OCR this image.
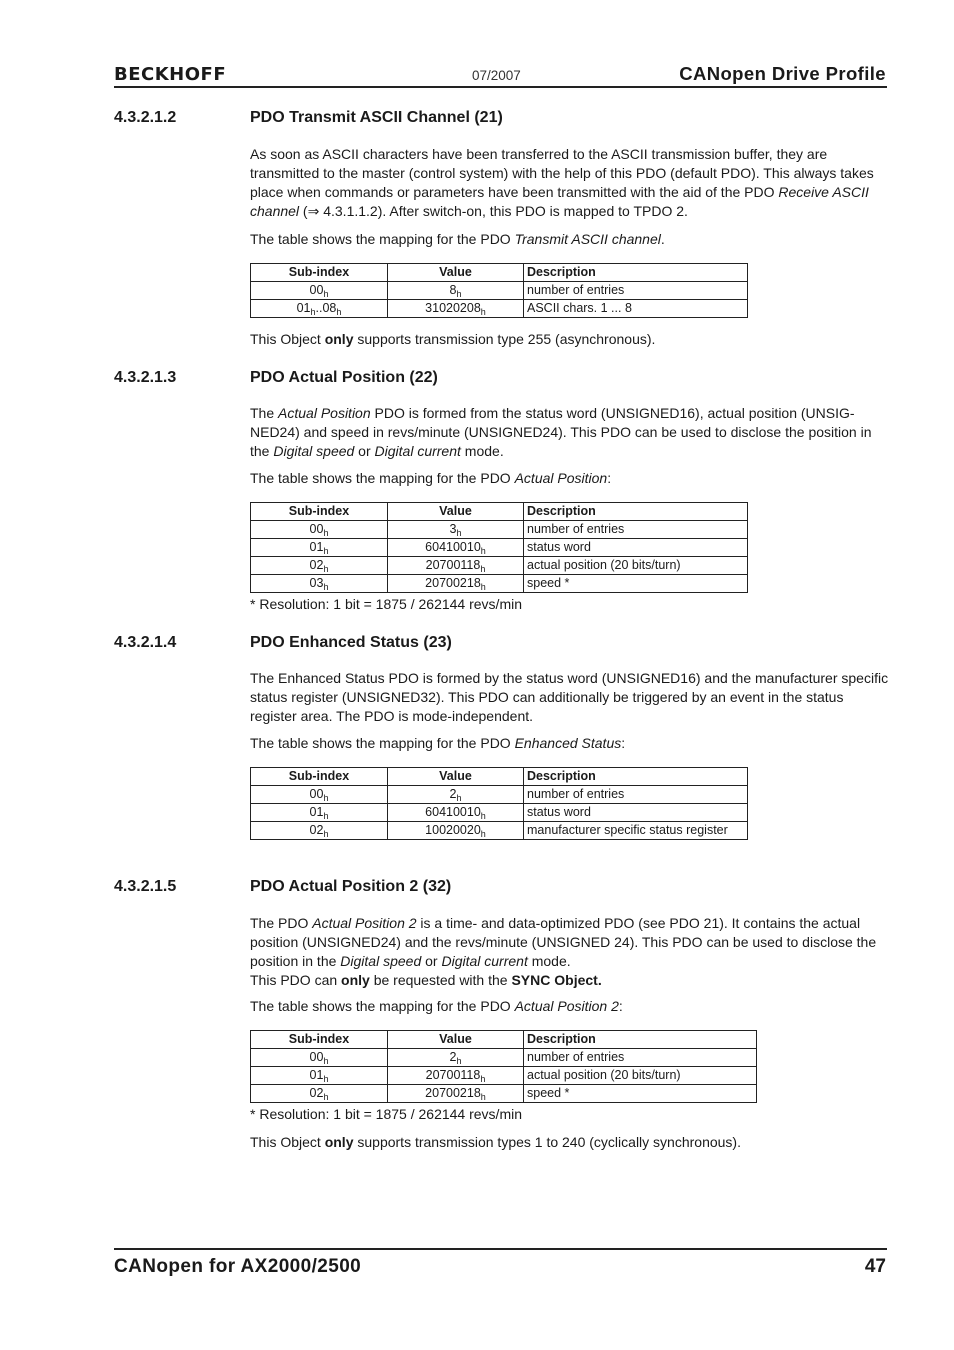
BECKHOFF	07/2007	CANopen Drive Profile
4.3.2.1.2	PDO Transmit ASCII Channel (21)
As soon as ASCII characters have been transferred to the ASCII transmission buffer, they are transmitted to the master (control system) with the help of this PDO (default PDO). This always takes place when commands or parameters have been transmitted with the aid of the PDO Receive ASCII channel (⇒ 4.3.1.1.2). After switch-on, this PDO is mapped to TPDO 2.
The table shows the mapping for the PDO Transmit ASCII channel.
Sub-index	Value	Description
$00_h$	$8_h$	number of entries
$01_h..08_h$	$31020208_h$	ASCII chars. 1 ... 8
This Object only supports transmission type 255 (asynchronous).
4.3.2.1.3	PDO Actual Position (22)
The Actual Position PDO is formed from the status word (UNSIGNED16), actual position (UNSIG-NED24) and speed in revs/minute (UNSIGNED24). This PDO can be used to disclose the position in the Digital speed or Digital current mode.
The table shows the mapping for the PDO Actual Position:
Sub-index	Value	Description
$00_h$	$3_h$	number of entries
$01_h$	$60410010_h$	status word
$02_h$	$20700118_h$	actual position (20 bits/turn)
$03_h$	$20700218_h$	speed *
* Resolution: 1 bit = 1875 / 262144 revs/min
4.3.2.1.4	PDO Enhanced Status (23)
The Enhanced Status PDO is formed by the status word (UNSIGNED16) and the manufacturer specific status register (UNSIGNED32). This PDO can additionally be triggered by an event in the status register area. The PDO is mode-independent.
The table shows the mapping for the PDO Enhanced Status:
Sub-index	Value	Description
$00_h$	$2_h$	number of entries
$01_h$	$60410010_h$	status word
$02_h$	$10020020_h$	manufacturer specific status register
4.3.2.1.5	PDO Actual Position 2 (32)
The PDO Actual Position 2 is a time- and data-optimized PDO (see PDO 21). It contains the actual position (UNSIGNED24) and the revs/minute (UNSIGNED 24). This PDO can be used to disclose the position in the Digital speed or Digital current mode.
This PDO can only be requested with the SYNC Object.
The table shows the mapping for the PDO Actual Position 2:
Sub-index	Value	Description
$00_h$	$2_h$	number of entries
$01_h$	$20700118_h$	actual position (20 bits/turn)
$02_h$	$20700218_h$	speed *
* Resolution: 1 bit = 1875 / 262144 revs/min
This Object only supports transmission types 1 to 240 (cyclically synchronous).
CANopen for AX2000/2500	47
